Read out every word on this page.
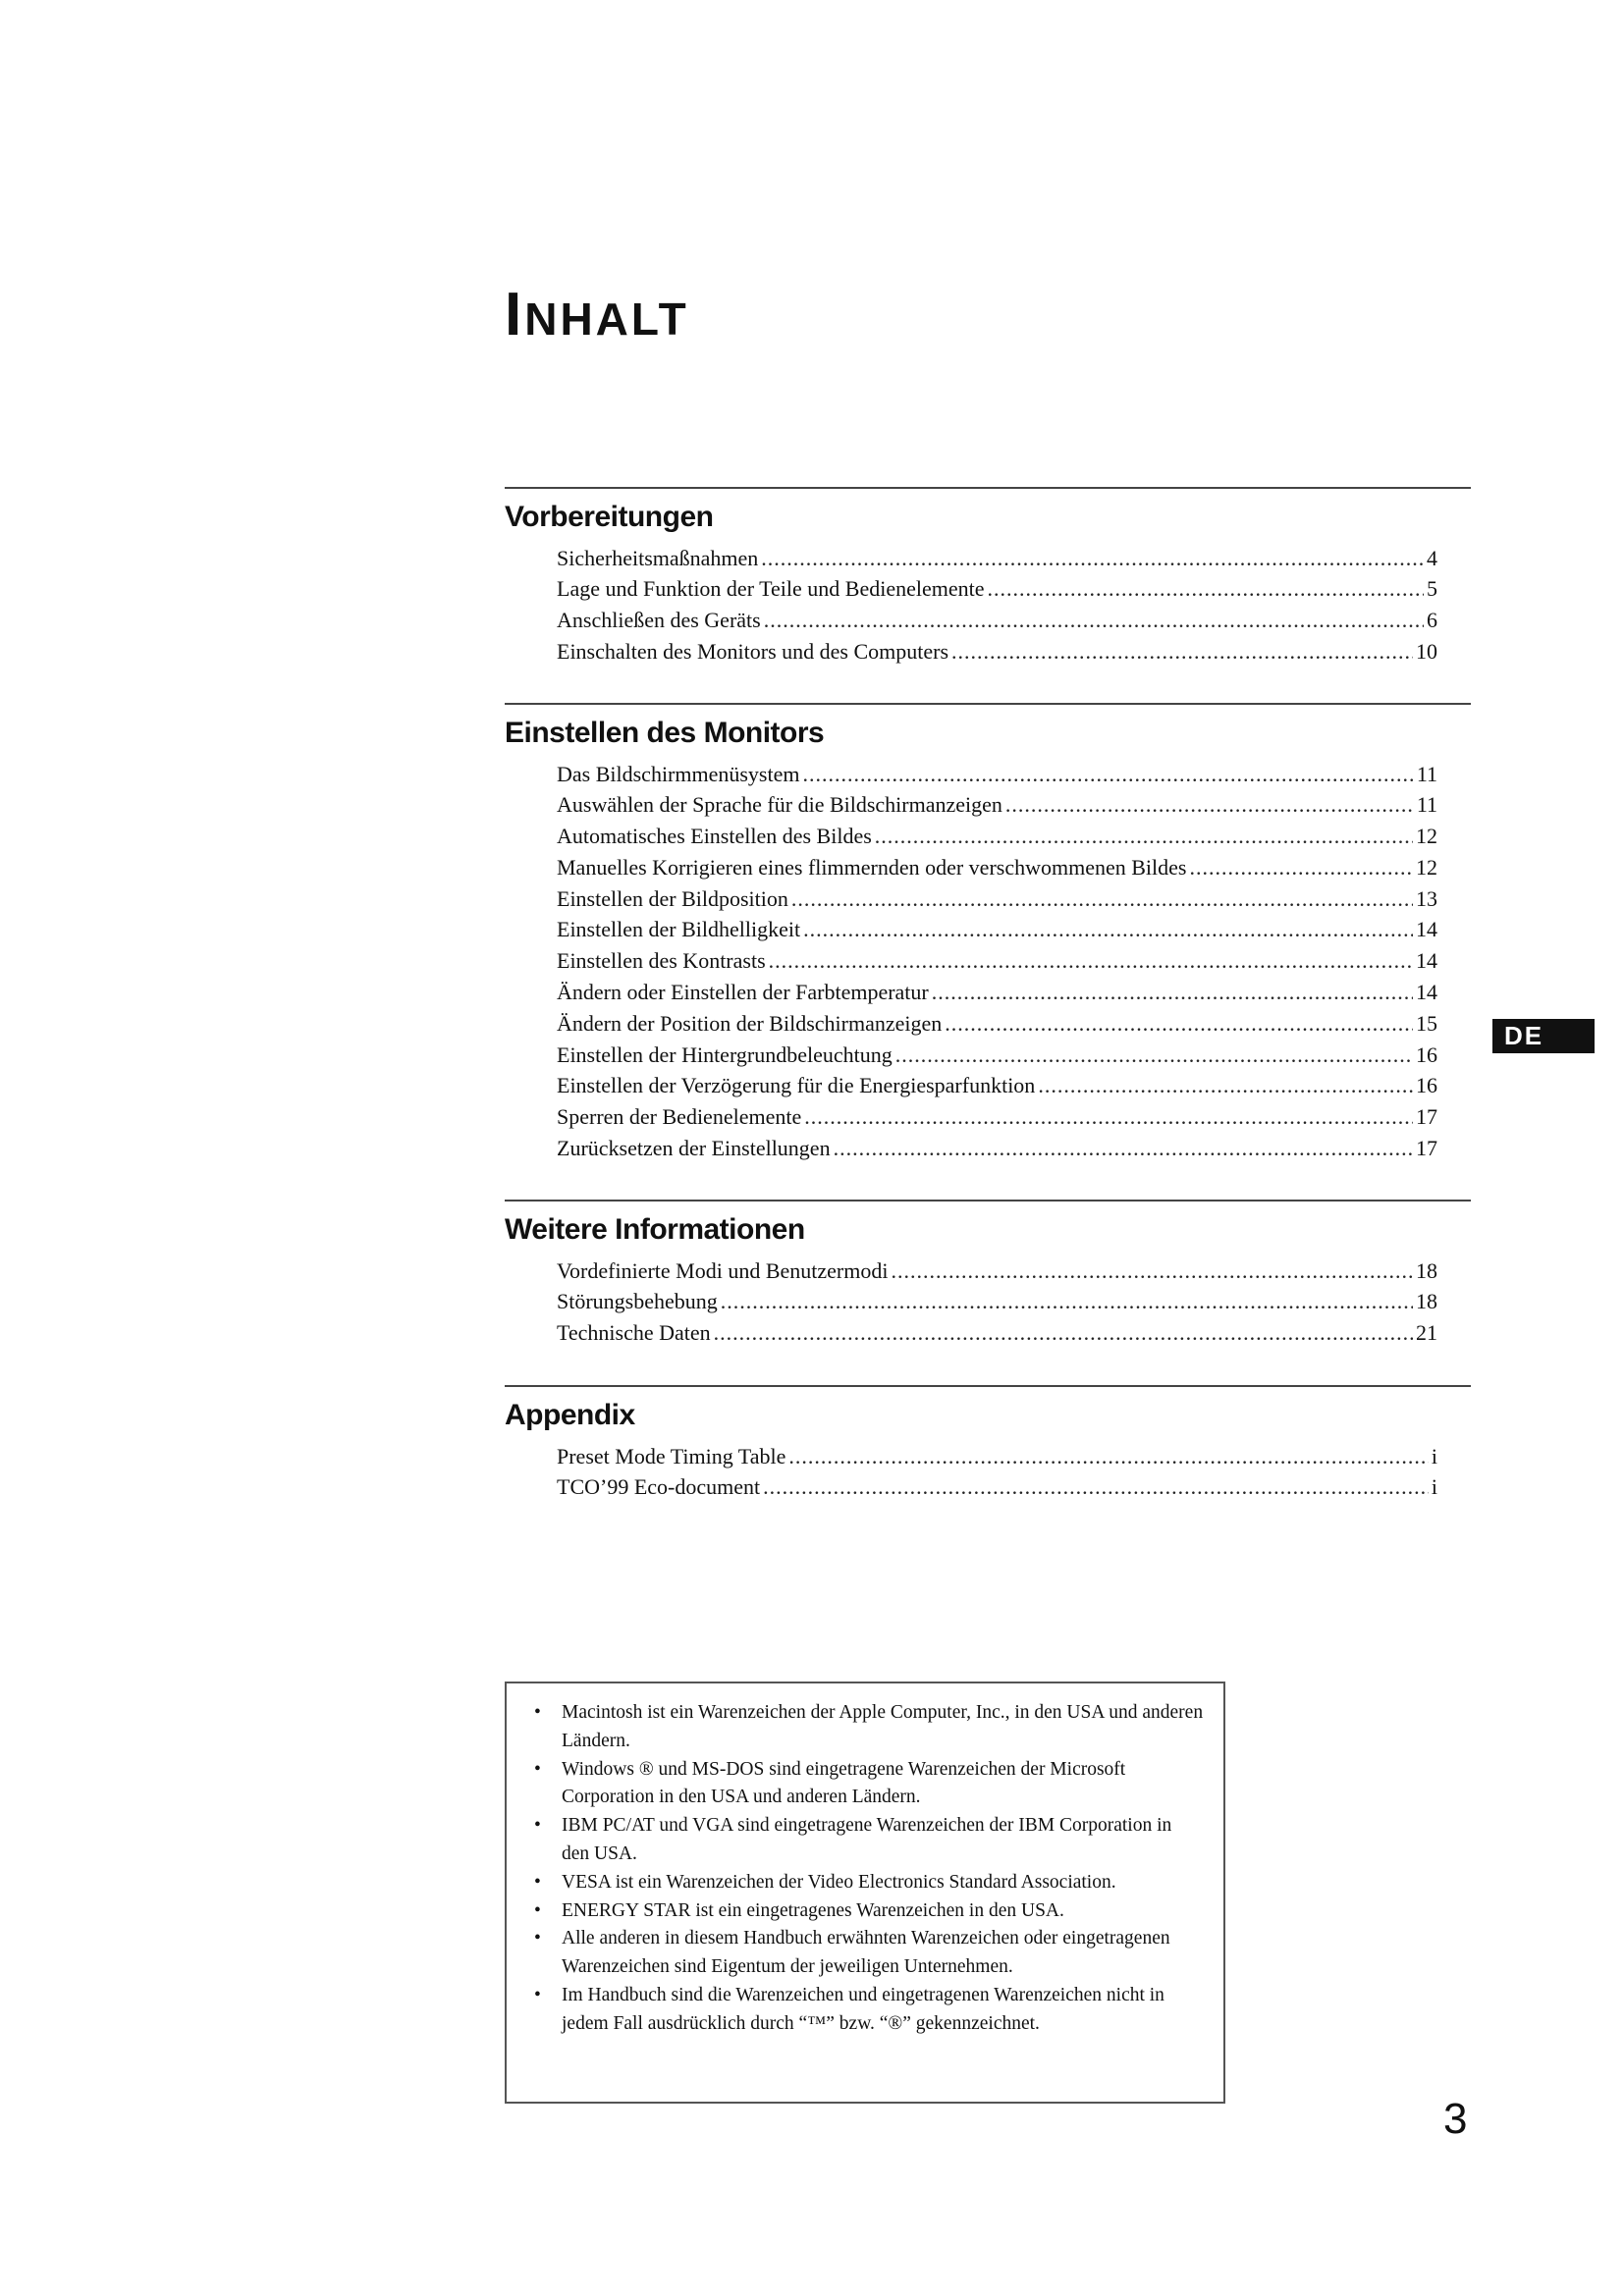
INHALT
Vorbereitungen
Sicherheitsmaßnahmen .....	4
Lage und Funktion der Teile und Bedienelemente .....	5
Anschließen des Geräts .....	6
Einschalten des Monitors und des Computers .....	10
Einstellen des Monitors
Das Bildschirmmenüsystem .....	11
Auswählen der Sprache für die Bildschirmanzeigen .....	11
Automatisches Einstellen des Bildes .....	12
Manuelles Korrigieren eines flimmernden oder verschwommenen Bildes .....	12
Einstellen der Bildposition .....	13
Einstellen der Bildhelligkeit .....	14
Einstellen des Kontrasts .....	14
Ändern oder Einstellen der Farbtemperatur .....	14
Ändern der Position der Bildschirmanzeigen .....	15
Einstellen der Hintergrundbeleuchtung .....	16
Einstellen der Verzögerung für die Energiesparfunktion .....	16
Sperren der Bedienelemente .....	17
Zurücksetzen der Einstellungen .....	17
Weitere Informationen
Vordefinierte Modi und Benutzermodi .....	18
Störungsbehebung .....	18
Technische Daten .....	21
Appendix
Preset Mode Timing Table .....	i
TCO’99 Eco-document .....	i
DE
• Macintosh ist ein Warenzeichen der Apple Computer, Inc., in den USA und anderen Ländern.
• Windows ® und MS-DOS sind eingetragene Warenzeichen der Microsoft Corporation in den USA und anderen Ländern.
• IBM PC/AT und VGA sind eingetragene Warenzeichen der IBM Corporation in den USA.
• VESA ist ein Warenzeichen der Video Electronics Standard Association.
• ENERGY STAR ist ein eingetragenes Warenzeichen in den USA.
• Alle anderen in diesem Handbuch erwähnten Warenzeichen oder eingetragenen Warenzeichen sind Eigentum der jeweiligen Unternehmen.
• Im Handbuch sind die Warenzeichen und eingetragenen Warenzeichen nicht in jedem Fall ausdrücklich durch “™” bzw. “®” gekennzeichnet.
3
